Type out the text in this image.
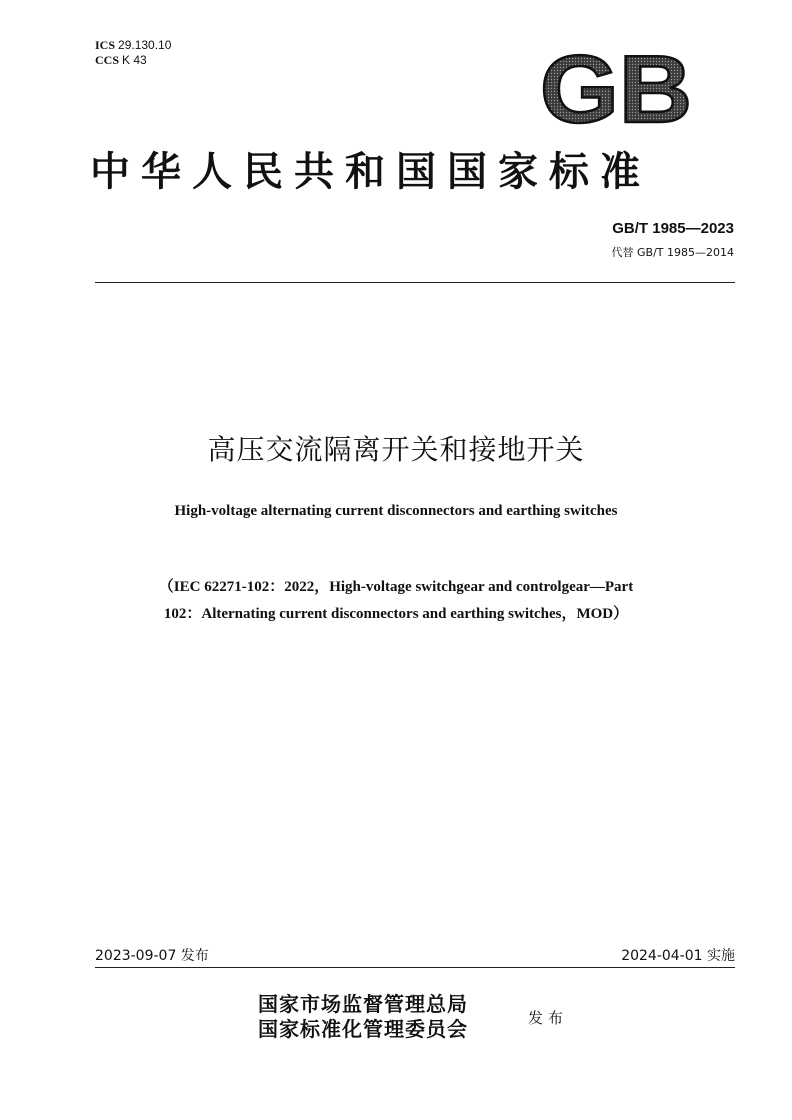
ICS 29.130.10
CCS K 43	GB
中华人民共和国国家标准
GB/T 1985—2023
代替 GB/T 1985—2014
高压交流隔离开关和接地开关
High-voltage alternating current disconnectors and earthing switches
（IEC 62271-102：2022，High-voltage switchgear and controlgear—Part
102：Alternating current disconnectors and earthing switches，MOD）
2023-09-07 发布	2024-04-01 实施
国家市场监督管理总局
国家标准化管理委员会	发布
